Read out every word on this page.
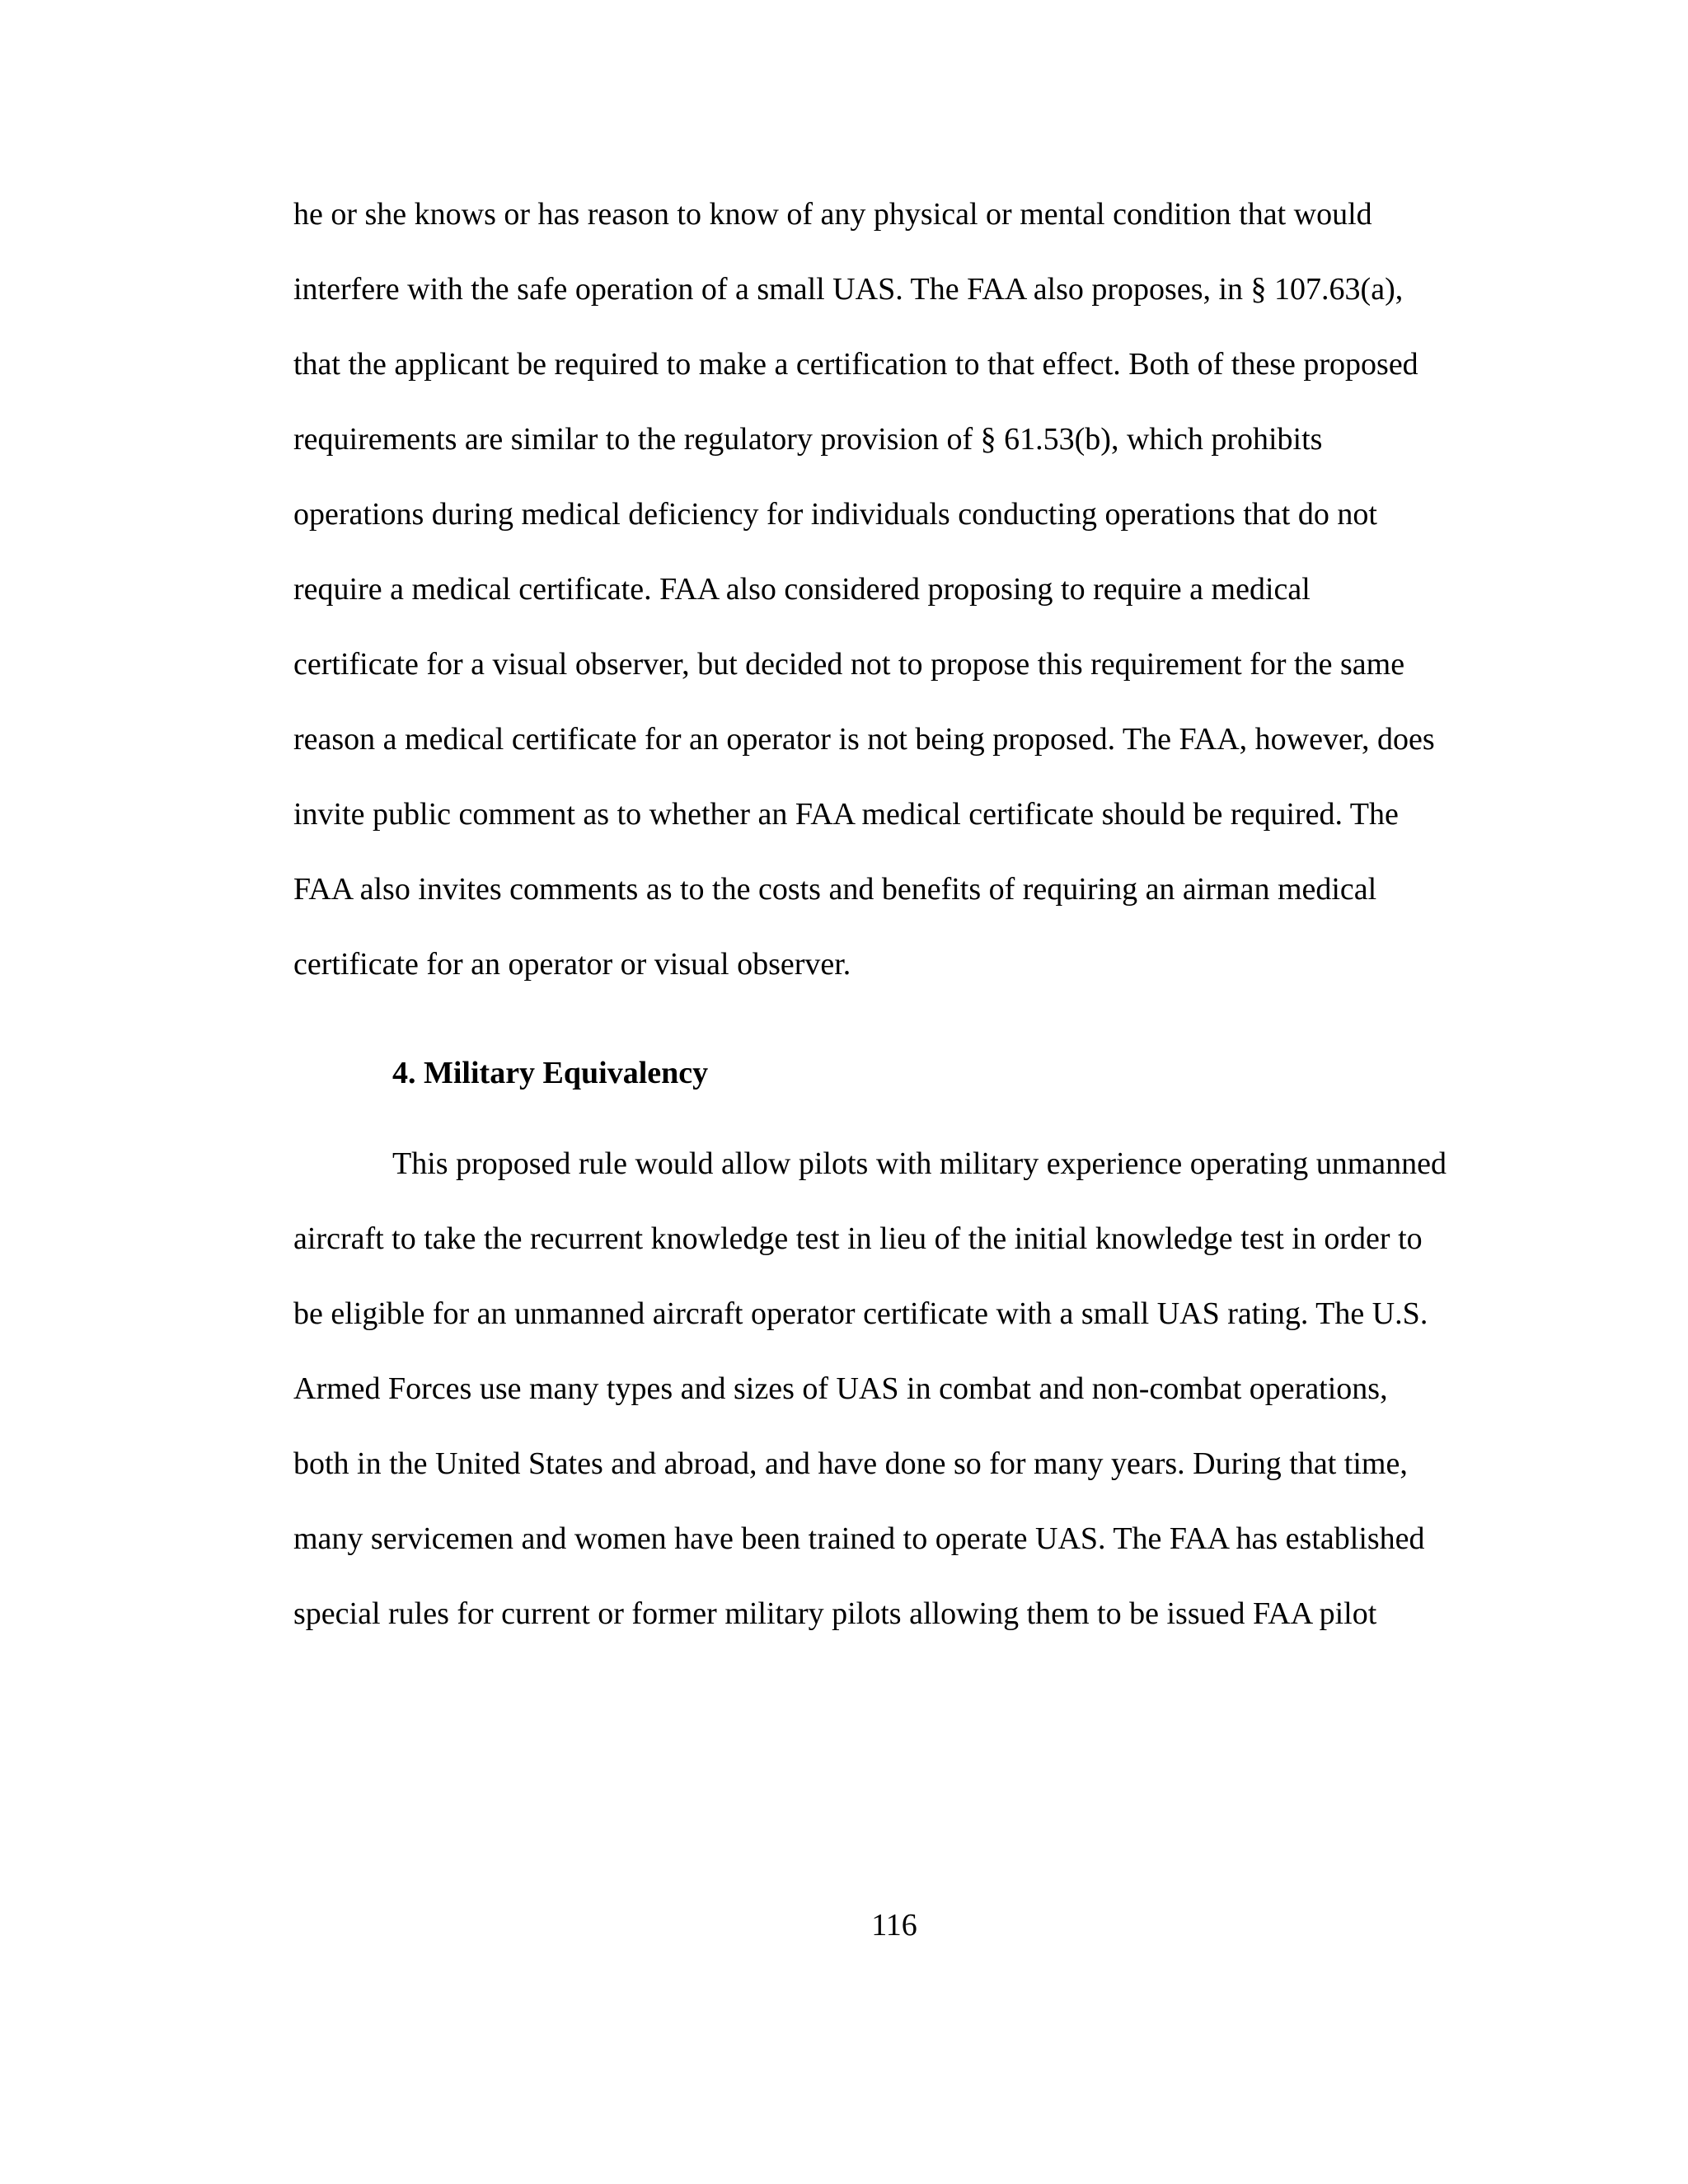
he or she knows or has reason to know of any physical or mental condition that would

interfere with the safe operation of a small UAS. The FAA also proposes, in § 107.63(a),

that the applicant be required to make a certification to that effect. Both of these proposed

requirements are similar to the regulatory provision of § 61.53(b), which prohibits

operations during medical deficiency for individuals conducting operations that do not

require a medical certificate. FAA also considered proposing to require a medical

certificate for a visual observer, but decided not to propose this requirement for the same

reason a medical certificate for an operator is not being proposed. The FAA, however, does

invite public comment as to whether an FAA medical certificate should be required. The

FAA also invites comments as to the costs and benefits of requiring an airman medical

certificate for an operator or visual observer.

4. Military Equivalency

This proposed rule would allow pilots with military experience operating unmanned

aircraft to take the recurrent knowledge test in lieu of the initial knowledge test in order to

be eligible for an unmanned aircraft operator certificate with a small UAS rating. The U.S.

Armed Forces use many types and sizes of UAS in combat and non-combat operations,

both in the United States and abroad, and have done so for many years. During that time,

many servicemen and women have been trained to operate UAS. The FAA has established

special rules for current or former military pilots allowing them to be issued FAA pilot

116
